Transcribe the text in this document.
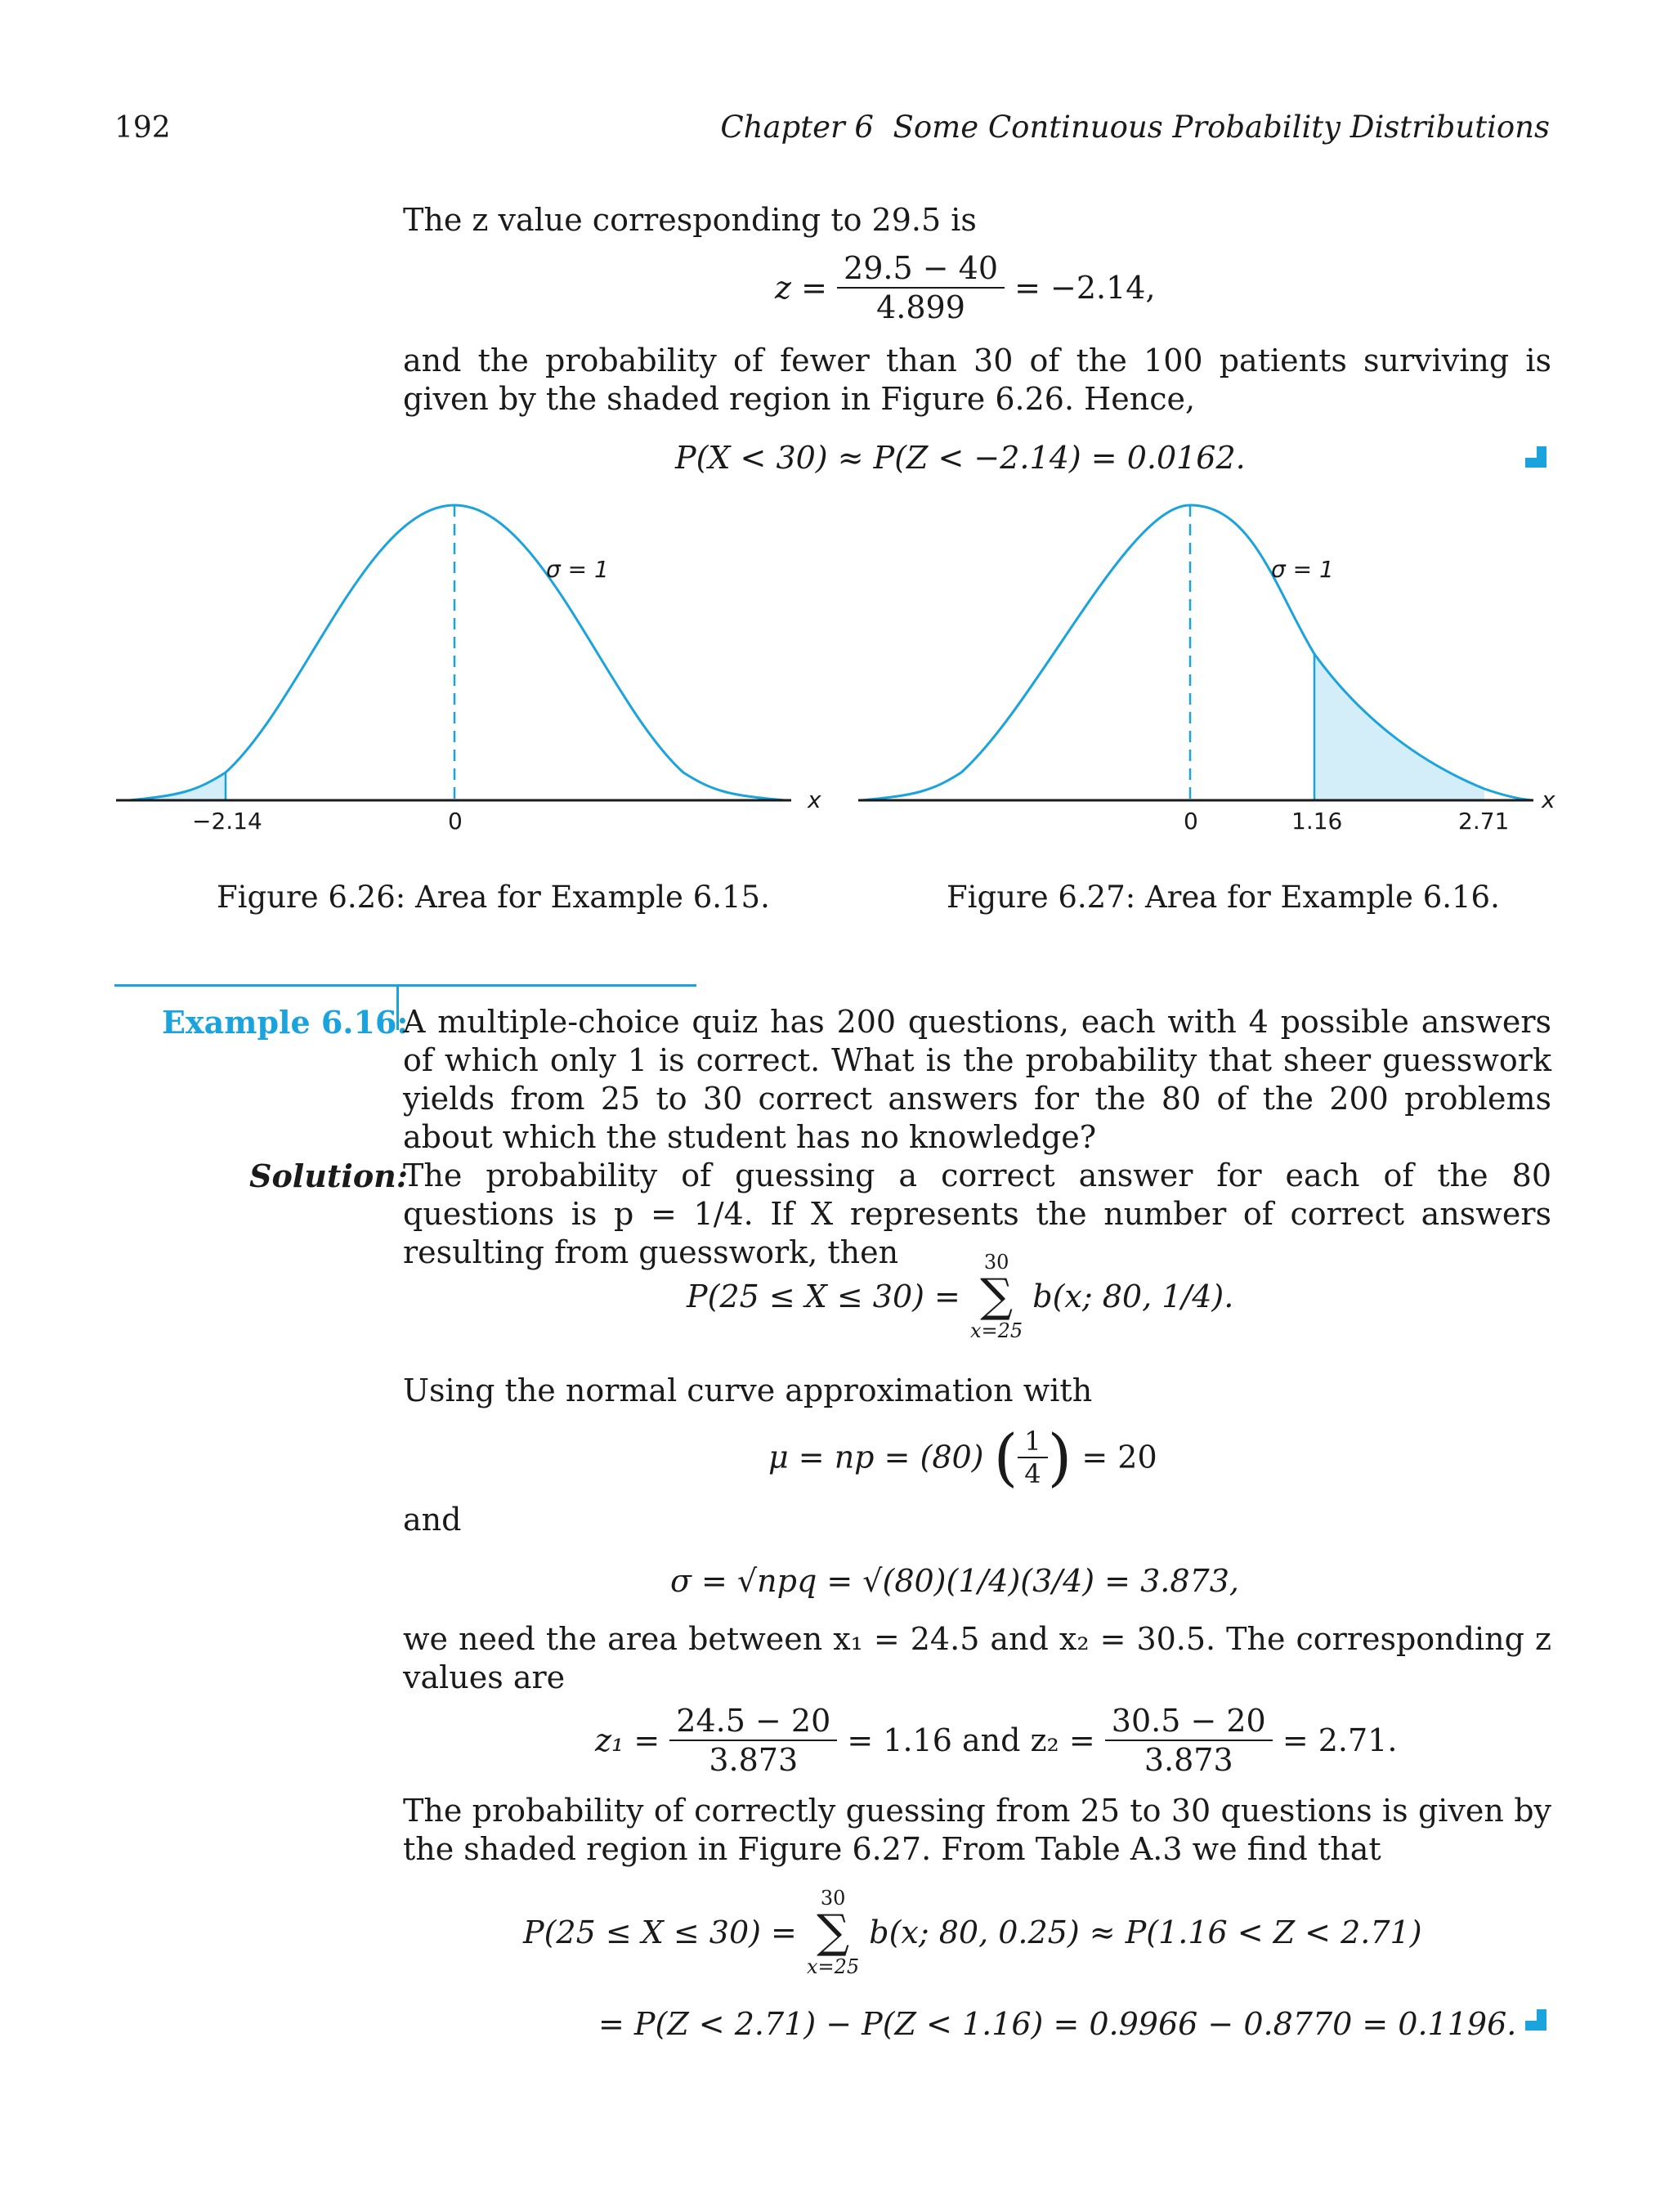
192	Chapter 6  Some Continuous Probability Distributions
The z value corresponding to 29.5 is
$z = \frac{29.5 - 40}{4.899} = -2.14$,
and the probability of fewer than 30 of the 100 patients surviving is given by the shaded region in Figure 6.26. Hence,
P(X < 30) ≈ P(Z < −2.14) = 0.0162.
σ = 1
x
−2.14	0
Figure 6.26: Area for Example 6.15.
σ = 1
x
0	1.16	2.71
Figure 6.27: Area for Example 6.16.
Example 6.16:
A multiple-choice quiz has 200 questions, each with 4 possible answers of which only 1 is correct. What is the probability that sheer guesswork yields from 25 to 30 correct answers for the 80 of the 200 problems about which the student has no knowledge?
Solution:
The probability of guessing a correct answer for each of the 80 questions is p = 1/4. If X represents the number of correct answers resulting from guesswork, then
P(25 ≤ X ≤ 30) =
30
∑
x=25
b(x; 80, 1/4).
Using the normal curve approximation with
μ = np = (80) ( $\frac{1}{4}$ ) = 20
and
σ = √npq = √(80)(1/4)(3/4) = 3.873,
we need the area between x₁ = 24.5 and x₂ = 30.5. The corresponding z values are
$z_1 = \frac{24.5 - 20}{3.873} = 1.16$ and $z_2 = \frac{30.5 - 20}{3.873} = 2.71$.
The probability of correctly guessing from 25 to 30 questions is given by the shaded region in Figure 6.27. From Table A.3 we find that
P(25 ≤ X ≤ 30) =
30
∑
x=25
b(x; 80, 0.25) ≈ P(1.16 < Z < 2.71)
= P(Z < 2.71) − P(Z < 1.16) = 0.9966 − 0.8770 = 0.1196.
